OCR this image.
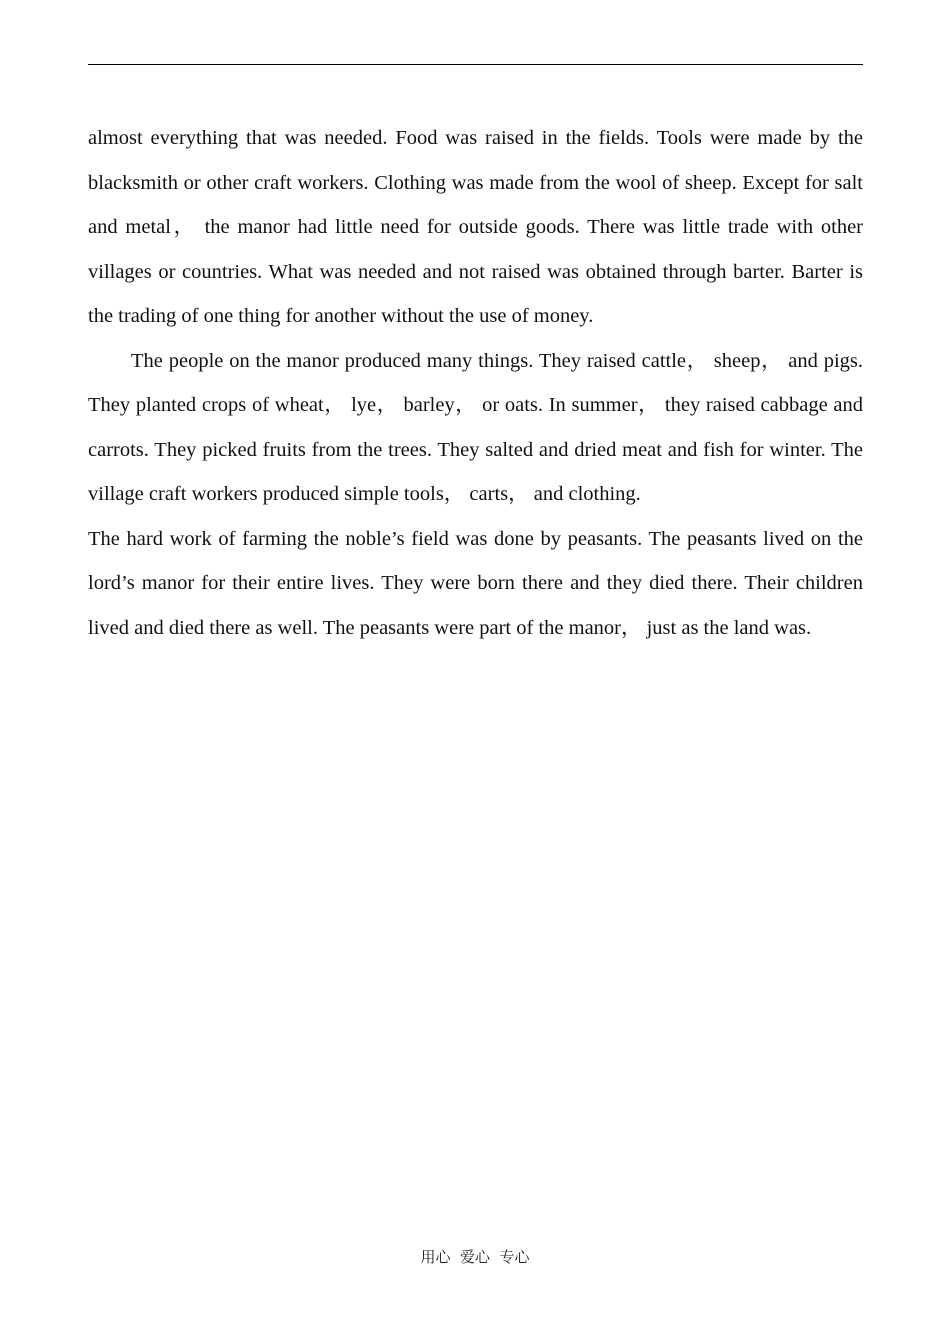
almost everything that was needed. Food was raised in the fields. Tools were made by the blacksmith or other craft workers. Clothing was made from the wool of sheep. Except for salt and metal， the manor had little need for outside goods. There was little trade with other villages or countries. What was needed and not raised was obtained through barter. Barter is the trading of one thing for another without the use of money.

The people on the manor produced many things. They raised cattle， sheep， and pigs. They planted crops of wheat， lye， barley， or oats. In summer， they raised cabbage and carrots. They picked fruits from the trees. They salted and dried meat and fish for winter. The village craft workers produced simple tools， carts， and clothing.

The hard work of farming the noble’s field was done by peasants. The peasants lived on the lord’s manor for their entire lives. They were born there and they died there. Their children lived and died there as well. The peasants were part of the manor， just as the land was.

用心  爱心  专心
